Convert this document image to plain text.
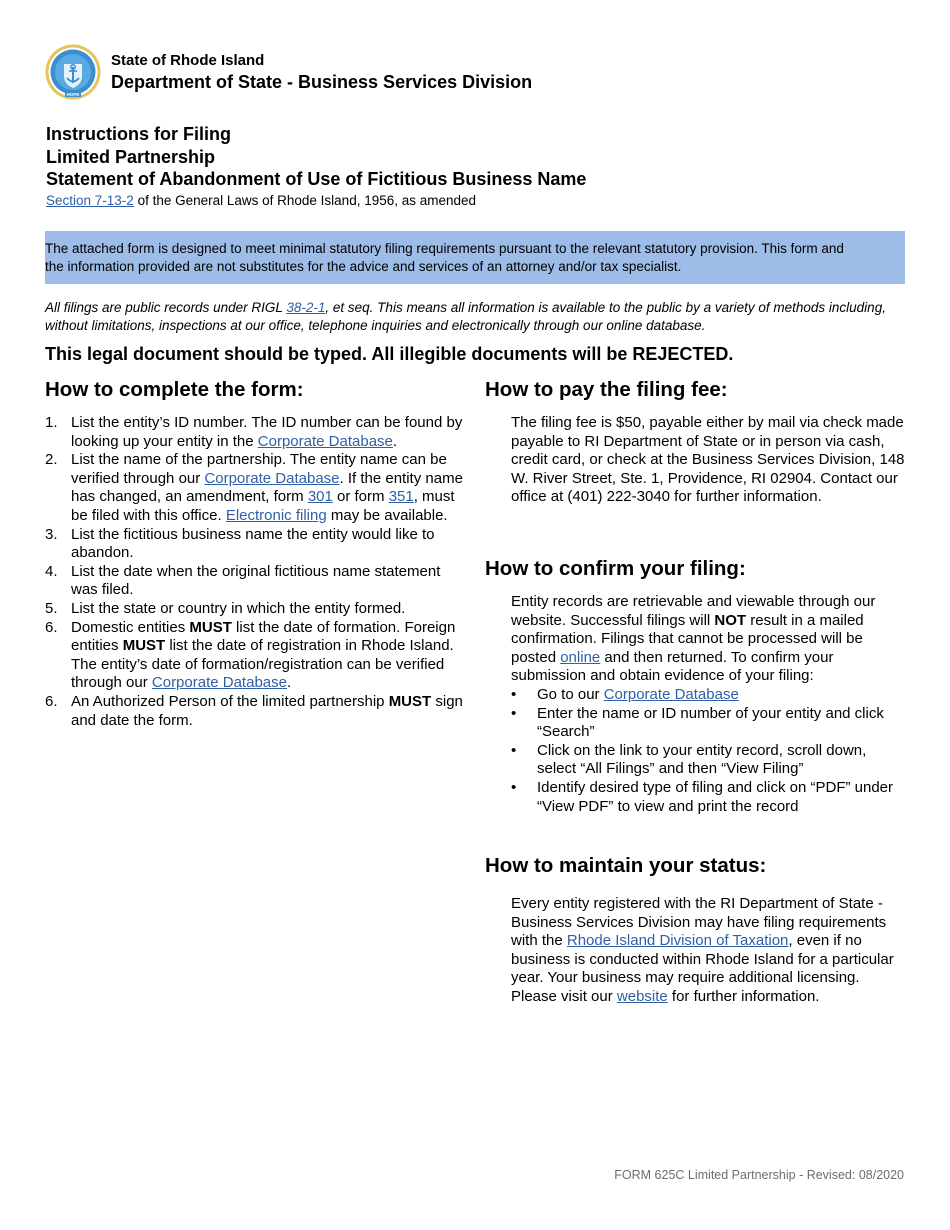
HOPE
State of Rhode Island
Department of State - Business Services Division
Instructions for Filing
Limited Partnership
Statement of Abandonment of Use of Fictitious Business Name
Section 7-13-2 of the General Laws of Rhode Island, 1956, as amended
The attached form is designed to meet minimal statutory filing requirements pursuant to the relevant statutory provision. This form and
the information provided are not substitutes for the advice and services of an attorney and/or tax specialist.
All filings are public records under RIGL 38-2-1, et seq. This means all information is available to the public by a variety of methods including, without limitations, inspections at our office, telephone inquiries and electronically through our online database.
This legal document should be typed. All illegible documents will be REJECTED.
How to complete the form:
1. List the entity’s ID number. The ID number can be found by looking up your entity in the Corporate Database.
2. List the name of the partnership. The entity name can be verified through our Corporate Database. If the entity name has changed, an amendment, form 301 or form 351, must be filed with this office. Electronic filing may be available.
3. List the fictitious business name the entity would like to abandon.
4. List the date when the original fictitious name statement was filed.
5. List the state or country in which the entity formed.
6. Domestic entities MUST list the date of formation. Foreign entities MUST list the date of registration in Rhode Island. The entity’s date of formation/registration can be verified through our Corporate Database.
6. An Authorized Person of the limited partnership MUST sign and date the form.
How to pay the filing fee:
The filing fee is $50, payable either by mail via check made payable to RI Department of State or in person via cash, credit card, or check at the Business Services Division, 148 W. River Street, Ste. 1, Providence, RI 02904. Contact our office at (401) 222-3040 for further information.
How to confirm your filing:
Entity records are retrievable and viewable through our website. Successful filings will NOT result in a mailed confirmation. Filings that cannot be processed will be posted online and then returned. To confirm your submission and obtain evidence of your filing:
• Go to our Corporate Database
• Enter the name or ID number of your entity and click “Search”
• Click on the link to your entity record, scroll down, select “All Filings” and then “View Filing”
• Identify desired type of filing and click on “PDF” under “View PDF” to view and print the record
How to maintain your status:
Every entity registered with the RI Department of State - Business Services Division may have filing requirements with the Rhode Island Division of Taxation, even if no business is conducted within Rhode Island for a particular year. Your business may require additional licensing. Please visit our website for further information.
FORM 625C Limited Partnership - Revised: 08/2020
